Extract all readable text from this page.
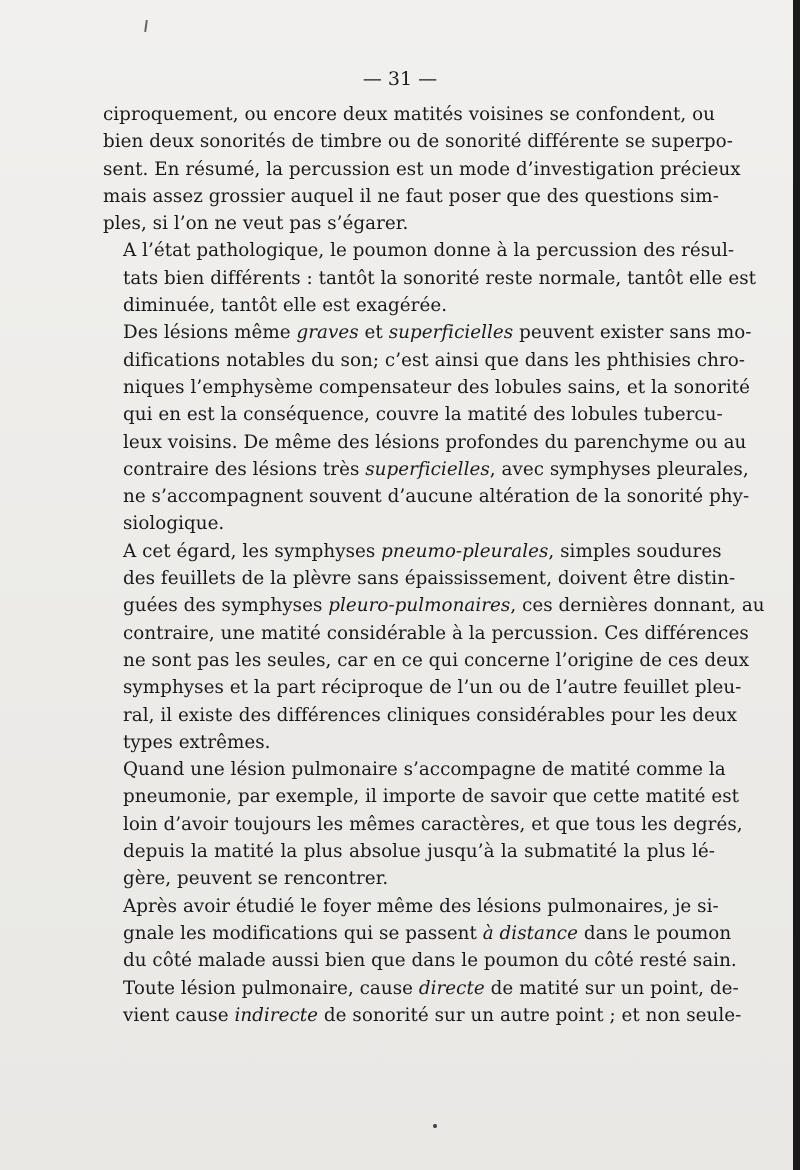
— 31 —

ciproquement, ou encore deux matités voisines se confondent, ou
bien deux sonorités de timbre ou de sonorité différente se superpo-
sent. En résumé, la percussion est un mode d’investigation précieux
mais assez grossier auquel il ne faut poser que des questions sim-
ples, si l’on ne veut pas s’égarer.

A l’état pathologique, le poumon donne à la percussion des résul-
tats bien différents : tantôt la sonorité reste normale, tantôt elle est
diminuée, tantôt elle est exagérée.

Des lésions même graves et superficielles peuvent exister sans mo-
difications notables du son; c’est ainsi que dans les phthisies chro-
niques l’emphysème compensateur des lobules sains, et la sonorité
qui en est la conséquence, couvre la matité des lobules tubercu-
leux voisins. De même des lésions profondes du parenchyme ou au
contraire des lésions très superficielles, avec symphyses pleurales,
ne s’accompagnent souvent d’aucune altération de la sonorité phy-
siologique.

A cet égard, les symphyses pneumo-pleurales, simples soudures
des feuillets de la plèvre sans épaississement, doivent être distin-
guées des symphyses pleuro-pulmonaires, ces dernières donnant, au
contraire, une matité considérable à la percussion. Ces différences
ne sont pas les seules, car en ce qui concerne l’origine de ces deux
symphyses et la part réciproque de l’un ou de l’autre feuillet pleu-
ral, il existe des différences cliniques considérables pour les deux
types extrêmes.

Quand une lésion pulmonaire s’accompagne de matité comme la
pneumonie, par exemple, il importe de savoir que cette matité est
loin d’avoir toujours les mêmes caractères, et que tous les degrés,
depuis la matité la plus absolue jusqu’à la submatité la plus lé-
gère, peuvent se rencontrer.

Après avoir étudié le foyer même des lésions pulmonaires, je si-
gnale les modifications qui se passent à distance dans le poumon
du côté malade aussi bien que dans le poumon du côté resté sain.
Toute lésion pulmonaire, cause directe de matité sur un point, de-
vient cause indirecte de sonorité sur un autre point ; et non seule-
